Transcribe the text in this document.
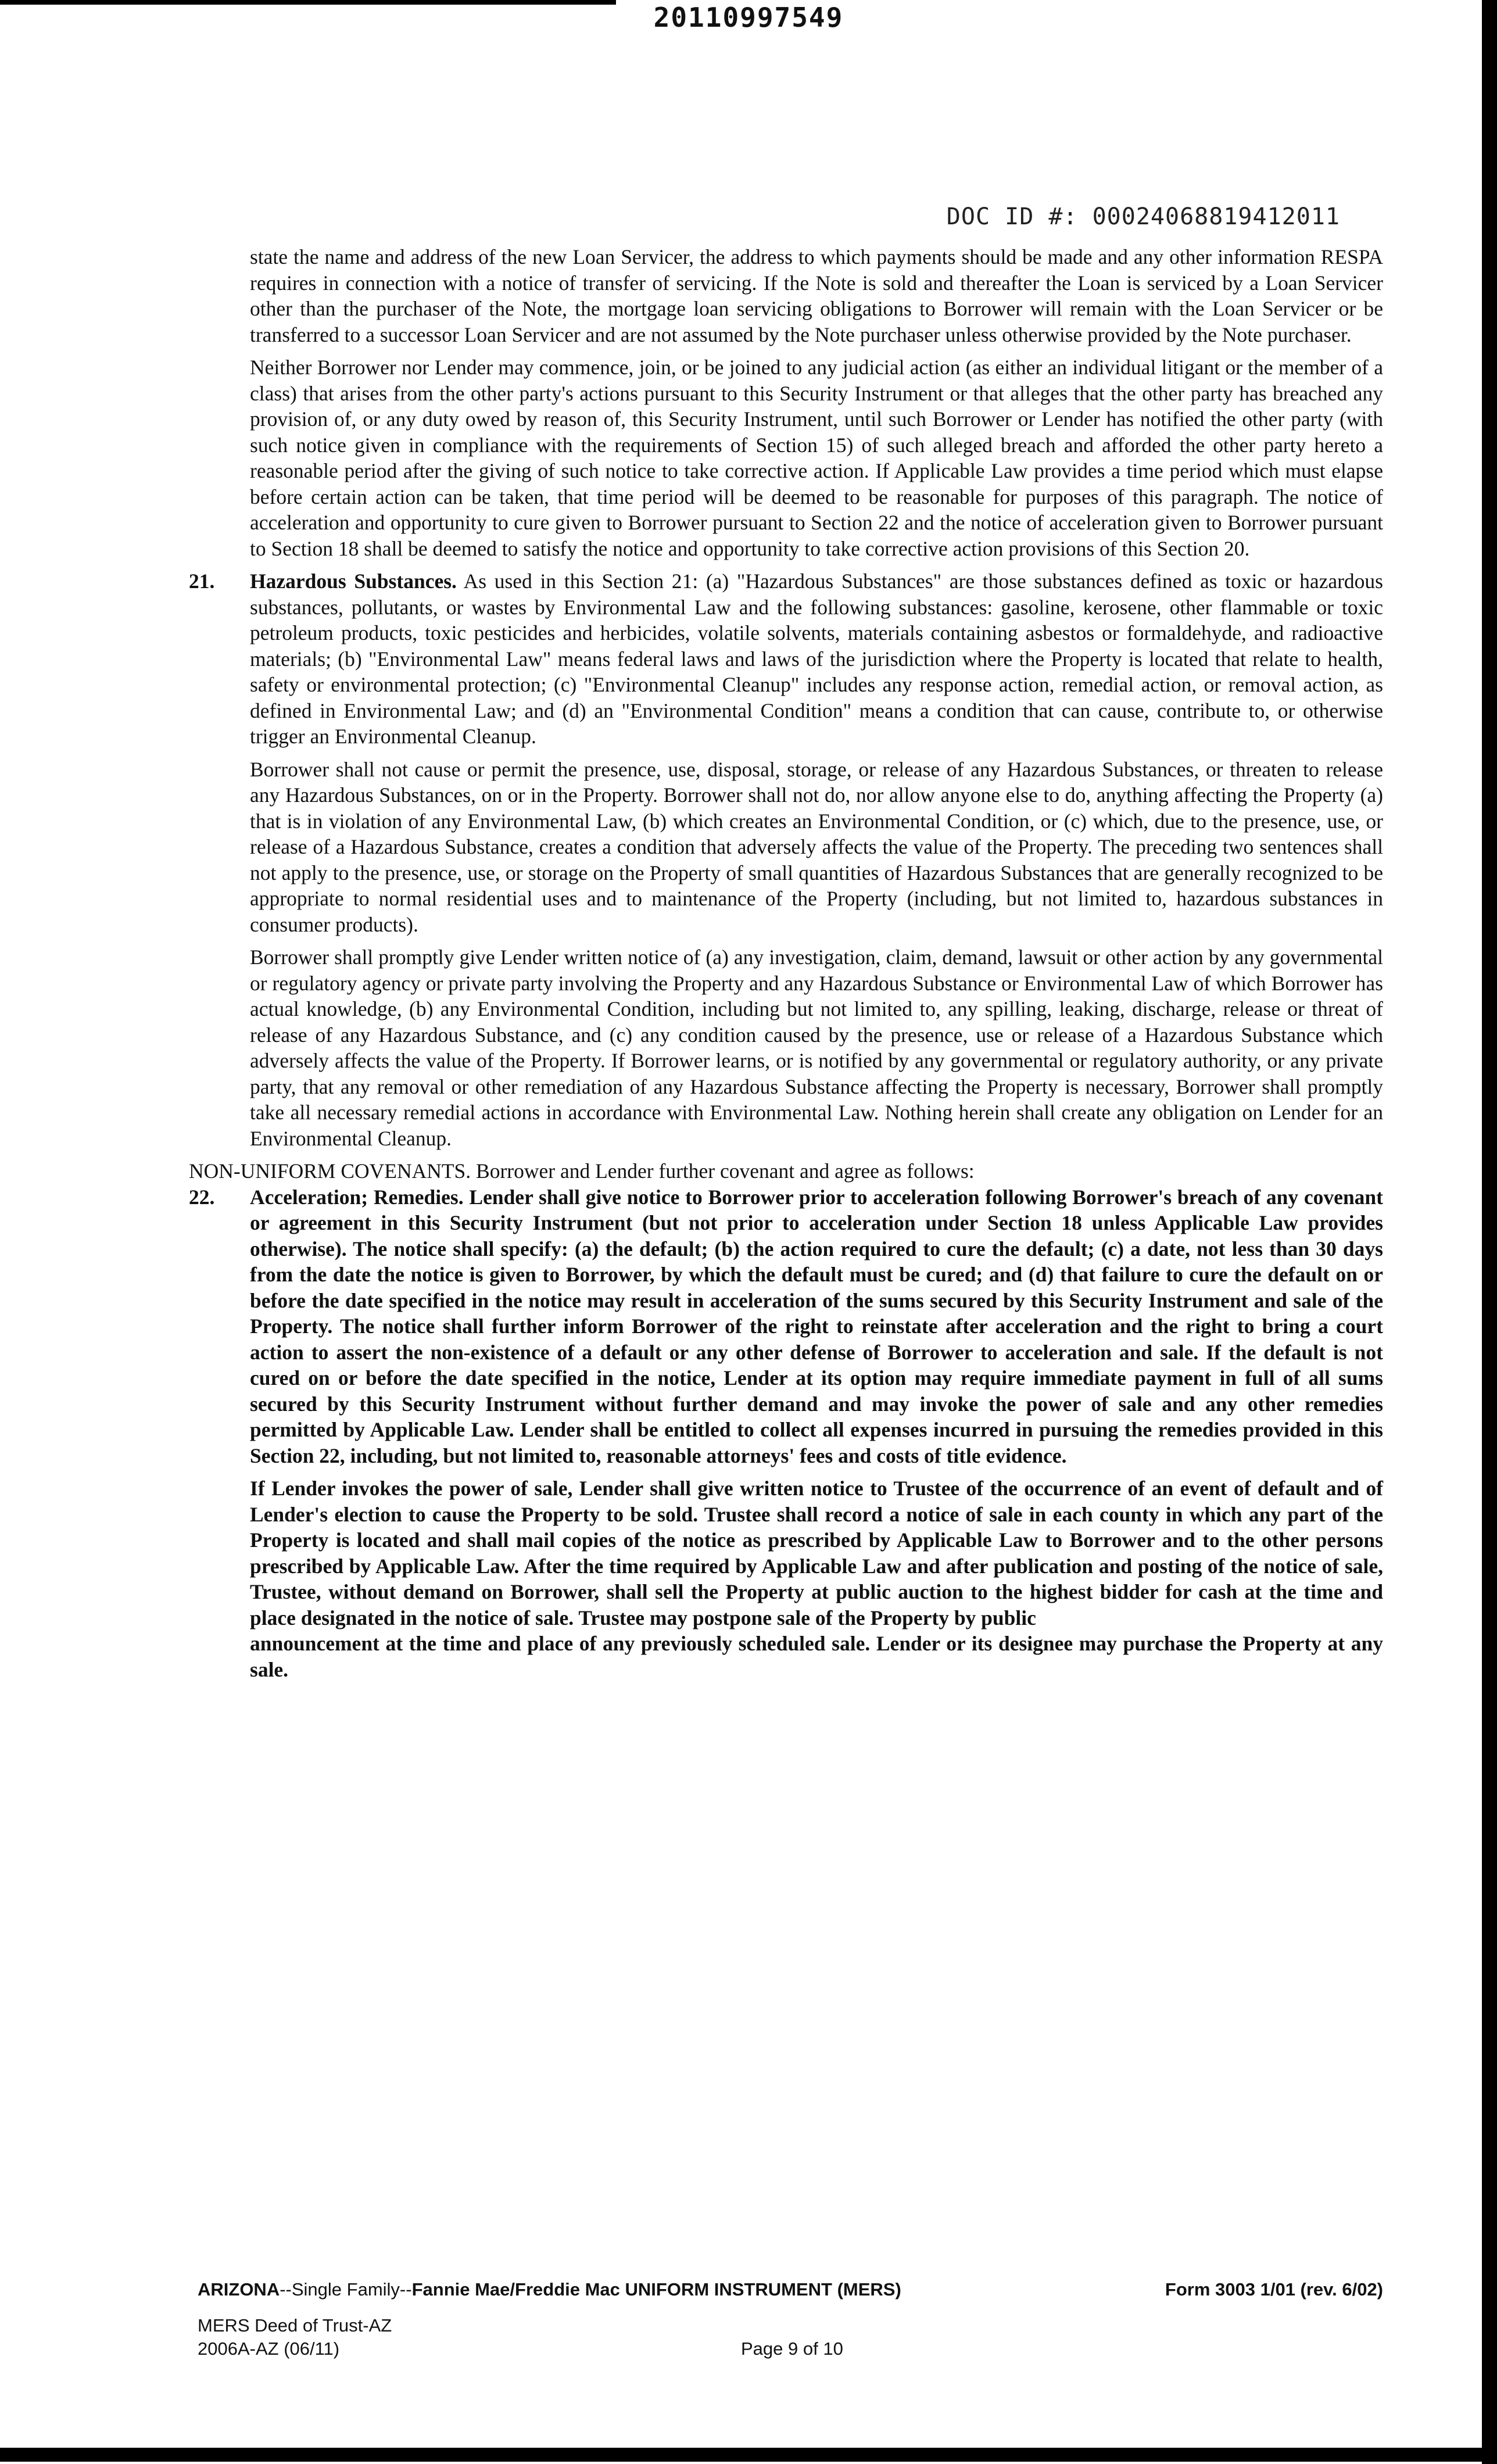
20110997549
DOC ID #: 00024068819412011

state the name and address of the new Loan Servicer, the address to which payments should be made and any other information RESPA requires in connection with a notice of transfer of servicing. If the Note is sold and thereafter the Loan is serviced by a Loan Servicer other than the purchaser of the Note, the mortgage loan servicing obligations to Borrower will remain with the Loan Servicer or be transferred to a successor Loan Servicer and are not assumed by the Note purchaser unless otherwise provided by the Note purchaser.

Neither Borrower nor Lender may commence, join, or be joined to any judicial action (as either an individual litigant or the member of a class) that arises from the other party's actions pursuant to this Security Instrument or that alleges that the other party has breached any provision of, or any duty owed by reason of, this Security Instrument, until such Borrower or Lender has notified the other party (with such notice given in compliance with the requirements of Section 15) of such alleged breach and afforded the other party hereto a reasonable period after the giving of such notice to take corrective action. If Applicable Law provides a time period which must elapse before certain action can be taken, that time period will be deemed to be reasonable for purposes of this paragraph. The notice of acceleration and opportunity to cure given to Borrower pursuant to Section 22 and the notice of acceleration given to Borrower pursuant to Section 18 shall be deemed to satisfy the notice and opportunity to take corrective action provisions of this Section 20.

21.	Hazardous Substances. As used in this Section 21: (a) "Hazardous Substances" are those substances defined as toxic or hazardous substances, pollutants, or wastes by Environmental Law and the following substances: gasoline, kerosene, other flammable or toxic petroleum products, toxic pesticides and herbicides, volatile solvents, materials containing asbestos or formaldehyde, and radioactive materials; (b) "Environmental Law" means federal laws and laws of the jurisdiction where the Property is located that relate to health, safety or environmental protection; (c) "Environmental Cleanup" includes any response action, remedial action, or removal action, as defined in Environmental Law; and (d) an "Environmental Condition" means a condition that can cause, contribute to, or otherwise trigger an Environmental Cleanup.

Borrower shall not cause or permit the presence, use, disposal, storage, or release of any Hazardous Substances, or threaten to release any Hazardous Substances, on or in the Property. Borrower shall not do, nor allow anyone else to do, anything affecting the Property (a) that is in violation of any Environmental Law, (b) which creates an Environmental Condition, or (c) which, due to the presence, use, or release of a Hazardous Substance, creates a condition that adversely affects the value of the Property. The preceding two sentences shall not apply to the presence, use, or storage on the Property of small quantities of Hazardous Substances that are generally recognized to be appropriate to normal residential uses and to maintenance of the Property (including, but not limited to, hazardous substances in consumer products).

Borrower shall promptly give Lender written notice of (a) any investigation, claim, demand, lawsuit or other action by any governmental or regulatory agency or private party involving the Property and any Hazardous Substance or Environmental Law of which Borrower has actual knowledge, (b) any Environmental Condition, including but not limited to, any spilling, leaking, discharge, release or threat of release of any Hazardous Substance, and (c) any condition caused by the presence, use or release of a Hazardous Substance which adversely affects the value of the Property. If Borrower learns, or is notified by any governmental or regulatory authority, or any private party, that any removal or other remediation of any Hazardous Substance affecting the Property is necessary, Borrower shall promptly take all necessary remedial actions in accordance with Environmental Law. Nothing herein shall create any obligation on Lender for an Environmental Cleanup.

NON-UNIFORM COVENANTS. Borrower and Lender further covenant and agree as follows:

22.	Acceleration; Remedies. Lender shall give notice to Borrower prior to acceleration following Borrower's breach of any covenant or agreement in this Security Instrument (but not prior to acceleration under Section 18 unless Applicable Law provides otherwise). The notice shall specify: (a) the default; (b) the action required to cure the default; (c) a date, not less than 30 days from the date the notice is given to Borrower, by which the default must be cured; and (d) that failure to cure the default on or before the date specified in the notice may result in acceleration of the sums secured by this Security Instrument and sale of the Property. The notice shall further inform Borrower of the right to reinstate after acceleration and the right to bring a court action to assert the non-existence of a default or any other defense of Borrower to acceleration and sale. If the default is not cured on or before the date specified in the notice, Lender at its option may require immediate payment in full of all sums secured by this Security Instrument without further demand and may invoke the power of sale and any other remedies permitted by Applicable Law. Lender shall be entitled to collect all expenses incurred in pursuing the remedies provided in this Section 22, including, but not limited to, reasonable attorneys' fees and costs of title evidence.

If Lender invokes the power of sale, Lender shall give written notice to Trustee of the occurrence of an event of default and of Lender's election to cause the Property to be sold. Trustee shall record a notice of sale in each county in which any part of the Property is located and shall mail copies of the notice as prescribed by Applicable Law to Borrower and to the other persons prescribed by Applicable Law. After the time required by Applicable Law and after publication and posting of the notice of sale, Trustee, without demand on Borrower, shall sell the Property at public auction to the highest bidder for cash at the time and place designated in the notice of sale. Trustee may postpone sale of the Property by public

announcement at the time and place of any previously scheduled sale. Lender or its designee may purchase the Property at any sale.

ARIZONA--Single Family--Fannie Mae/Freddie Mac UNIFORM INSTRUMENT (MERS)	Form 3003 1/01 (rev. 6/02)
MERS Deed of Trust-AZ
2006A-AZ (06/11)	Page 9 of 10
